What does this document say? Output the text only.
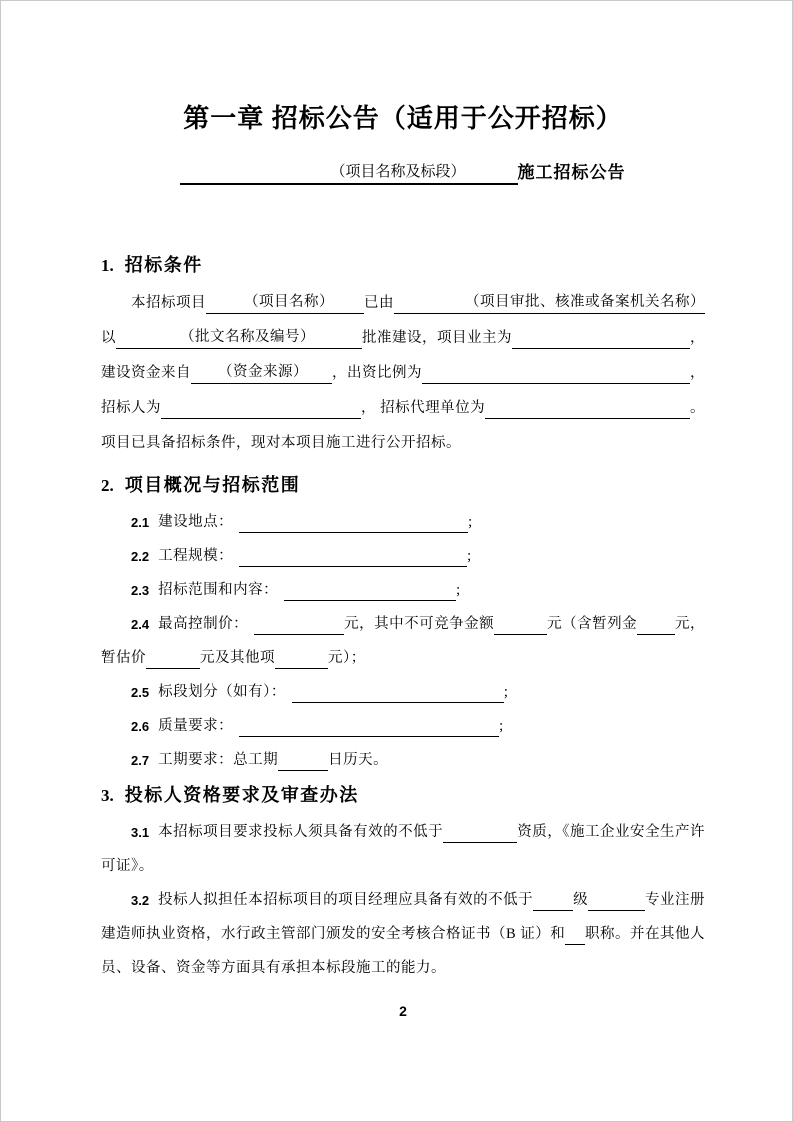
第一章 招标公告（适用于公开招标）
（项目名称及标段）	施工招标公告
1. 招标条件
本招标项目	（项目名称） 已由	（项目审批、核准或备案机关名称）
以	（批文名称及编号）	批准建设，项目业主为	，
建设资金来自 （资金来源） ，出资比例为	，
招标人为	， 招标代理单位为	。
项目已具备招标条件，现对本项目施工进行公开招标。
2. 项目概况与招标范围
2.1 建设地点：	;
2.2 工程规模：	;
2.3 招标范围和内容：	;
2.4 最高控制价：	元，其中不可竞争金额	元（含暂列金	元，
暂估价	元及其他项	元）；
2.5 标段划分（如有）：	;
2.6 质量要求：	;
2.7 工期要求：总工期	日历天。
3. 投标人资格要求及审查办法
3.1 本招标项目要求投标人须具备有效的不低于	资质，《施工企业安全生产许
可证》。
3.2 投标人拟担任本招标项目的项目经理应具备有效的不低于	级	专业注册
建造师执业资格，水行政主管部门颁发的安全考核合格证书（B 证）和 职称。并在其他人
员、设备、资金等方面具有承担本标段施工的能力。
2
